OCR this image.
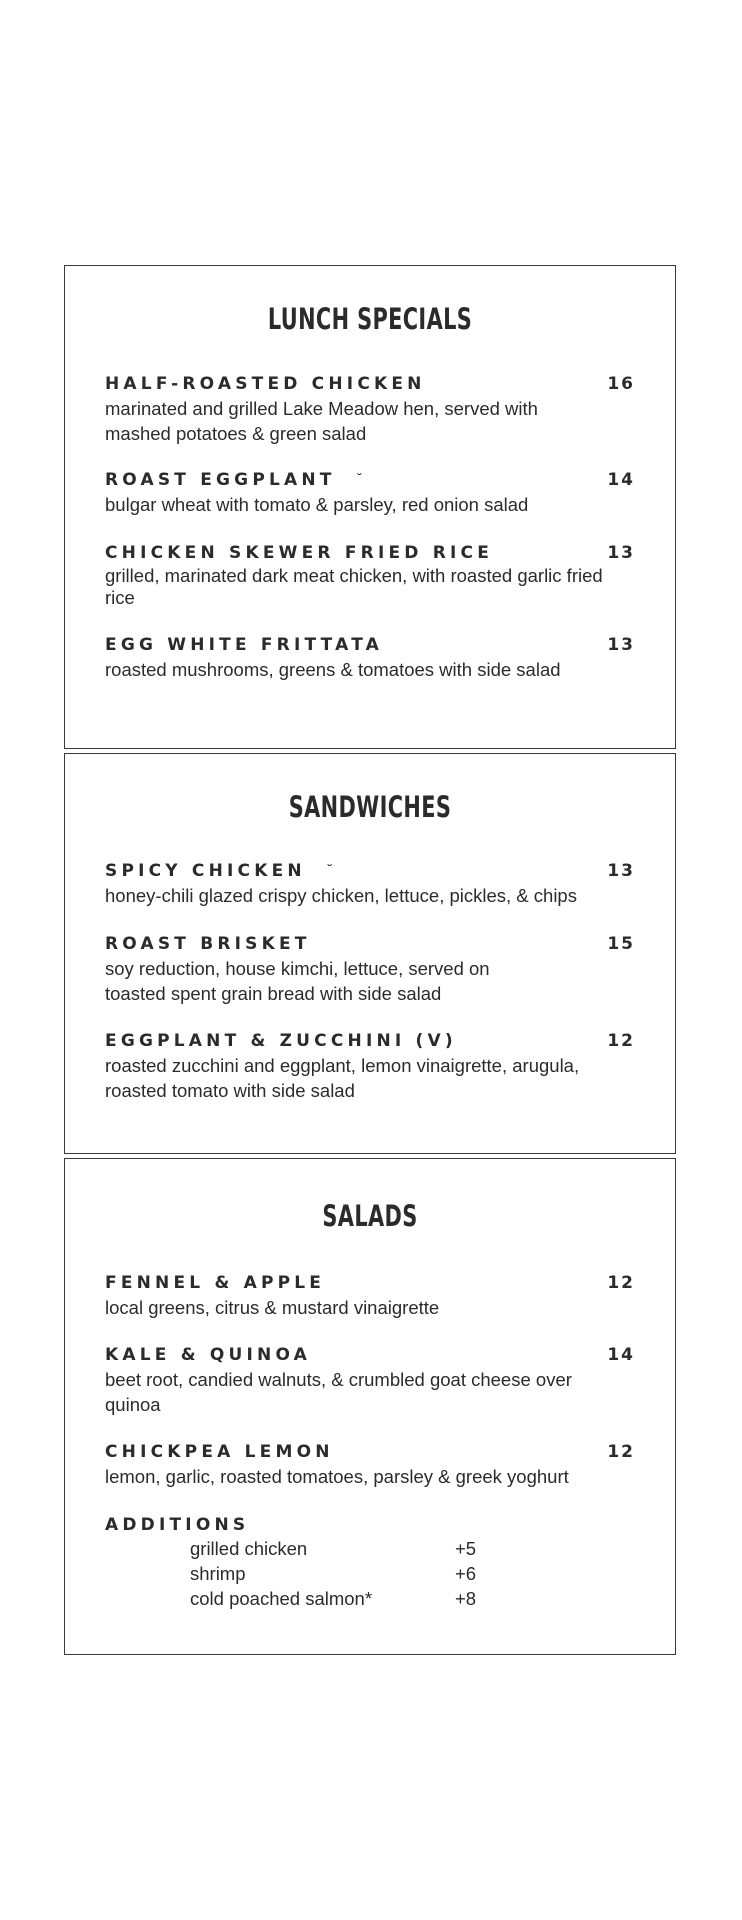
LUNCH SPECIALS
HALF-ROASTED CHICKEN	16
marinated and grilled Lake Meadow hen, served with mashed potatoes & green salad
ROAST EGGPLANT ˘	14
bulgar wheat with tomato & parsley, red onion salad
CHICKEN SKEWER FRIED RICE	13
grilled, marinated dark meat chicken, with roasted garlic fried rice
EGG WHITE FRITTATA	13
roasted mushrooms, greens & tomatoes with side salad
SANDWICHES
SPICY CHICKEN ˘	13
honey-chili glazed crispy chicken, lettuce, pickles, & chips
ROAST BRISKET	15
soy reduction, house kimchi, lettuce, served on toasted spent grain bread with side salad
EGGPLANT & ZUCCHINI (V)	12
roasted zucchini and eggplant, lemon vinaigrette, arugula, roasted tomato with side salad
SALADS
FENNEL & APPLE	12
local greens, citrus & mustard vinaigrette
KALE & QUINOA	14
beet root, candied walnuts, & crumbled goat cheese over quinoa
CHICKPEA LEMON	12
lemon, garlic, roasted tomatoes, parsley & greek yoghurt
ADDITIONS
grilled chicken	+5
shrimp	+6
cold poached salmon*	+8
